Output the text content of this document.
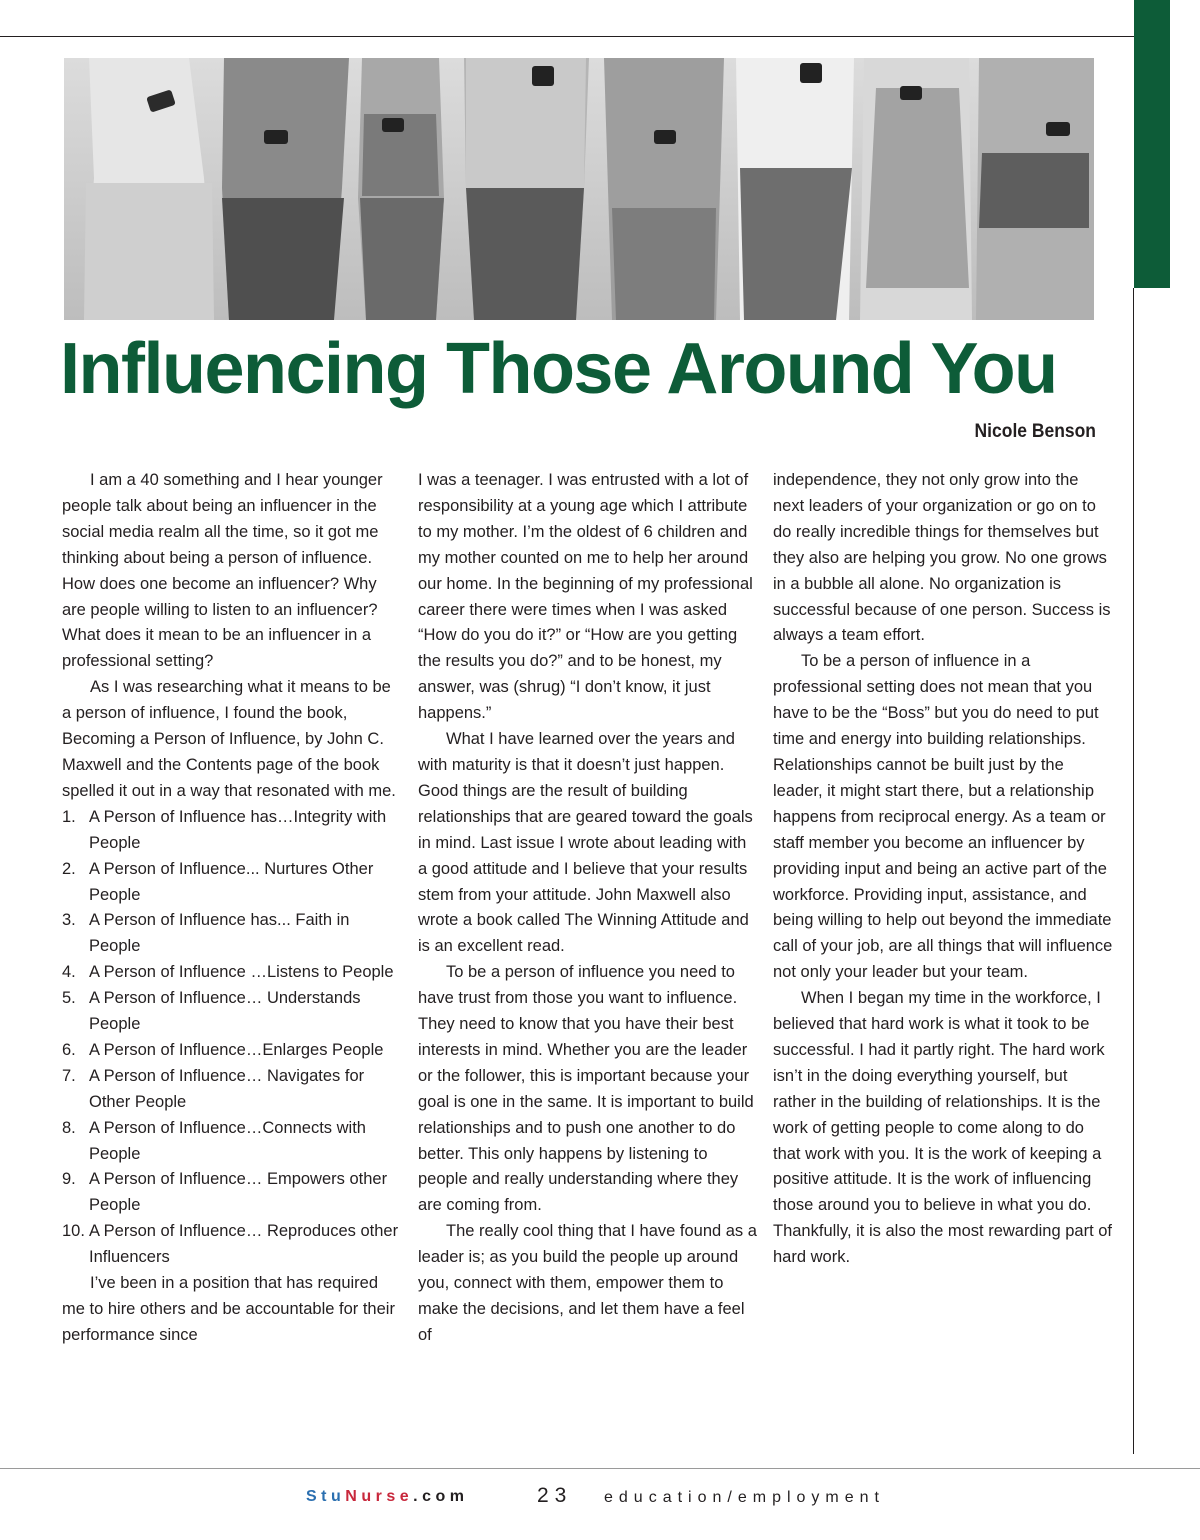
Influencing Those Around You

Nicole Benson

I am a 40 something and I hear younger people talk about being an influencer in the social media realm all the time, so it got me thinking about being a person of influence. How does one become an influencer? Why are people willing to listen to an influencer? What does it mean to be an influencer in a professional setting?

As I was researching what it means to be a person of influence, I found the book, Becoming a Person of Influence, by John C. Maxwell and the Contents page of the book spelled it out in a way that resonated with me.

1. A Person of Influence has…Integrity with People
2. A Person of Influence... Nurtures Other People
3. A Person of Influence has... Faith in People
4. A Person of Influence …Listens to People
5. A Person of Influence… Understands People
6. A Person of Influence…Enlarges People
7. A Person of Influence… Navigates for Other People
8. A Person of Influence…Connects with People
9. A Person of Influence… Empowers other People
10. A Person of Influence… Reproduces other Influencers

I’ve been in a position that has required me to hire others and be accountable for their performance since

I was a teenager. I was entrusted with a lot of responsibility at a young age which I attribute to my mother. I’m the oldest of 6 children and my mother counted on me to help her around our home. In the beginning of my professional career there were times when I was asked “How do you do it?” or “How are you getting the results you do?” and to be honest, my answer, was (shrug) “I don’t know, it just happens.”

What I have learned over the years and with maturity is that it doesn’t just happen. Good things are the result of building relationships that are geared toward the goals in mind. Last issue I wrote about leading with a good attitude and I believe that your results stem from your attitude. John Maxwell also wrote a book called The Winning Attitude and is an excellent read.

To be a person of influence you need to have trust from those you want to influence. They need to know that you have their best interests in mind. Whether you are the leader or the follower, this is important because your goal is one in the same. It is important to build relationships and to push one another to do better. This only happens by listening to people and really understanding where they are coming from.

The really cool thing that I have found as a leader is; as you build the people up around you, connect with them, empower them to make the decisions, and let them have a feel of

independence, they not only grow into the next leaders of your organization or go on to do really incredible things for themselves but they also are helping you grow. No one grows in a bubble all alone. No organization is successful because of one person. Success is always a team effort.

To be a person of influence in a professional setting does not mean that you have to be the “Boss” but you do need to put time and energy into building relationships. Relationships cannot be built just by the leader, it might start there, but a relationship happens from reciprocal energy. As a team or staff member you become an influencer by providing input and being an active part of the workforce. Providing input, assistance, and being willing to help out beyond the immediate call of your job, are all things that will influence not only your leader but your team.

When I began my time in the workforce, I believed that hard work is what it took to be successful. I had it partly right. The hard work isn’t in the doing everything yourself, but rather in the building of relationships. It is the work of getting people to come along to do that work with you. It is the work of keeping a positive attitude. It is the work of influencing those around you to believe in what you do. Thankfully, it is also the most rewarding part of hard work.

StuNurse.com	23 education/employment
